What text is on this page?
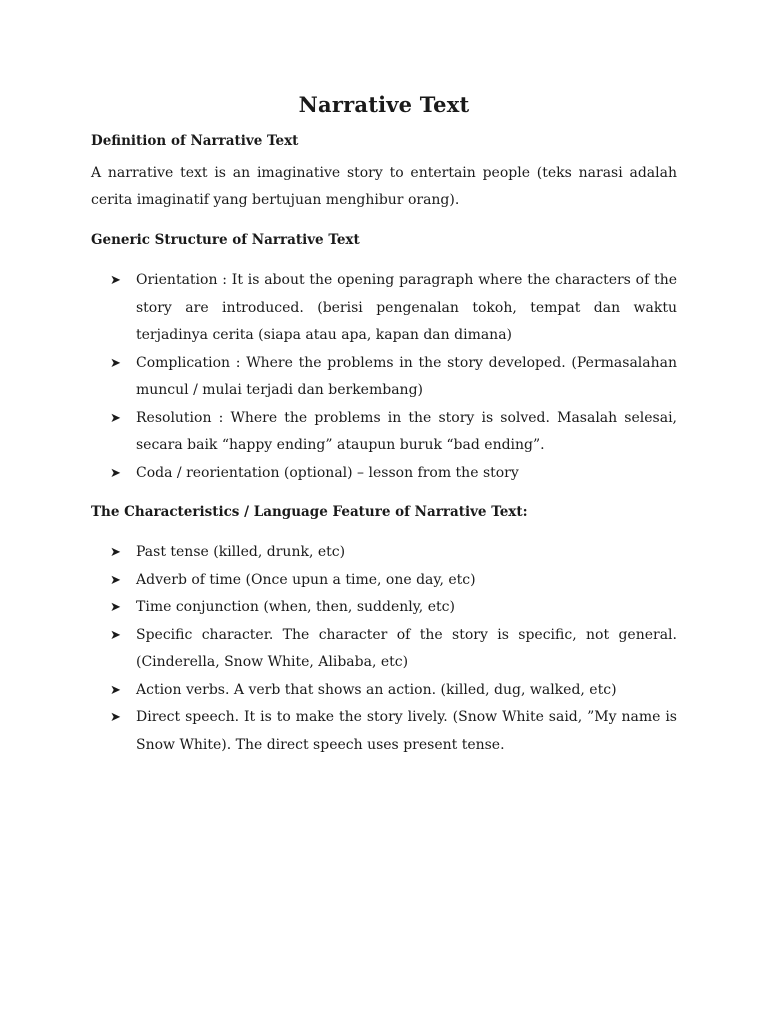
Narrative Text
Definition of Narrative Text

A narrative text is an imaginative story to entertain people (teks narasi adalah cerita imaginatif yang bertujuan menghibur orang).

Generic Structure of Narrative Text
➤ Orientation : It is about the opening paragraph where the characters of the story are introduced. (berisi pengenalan tokoh, tempat dan waktu terjadinya cerita (siapa atau apa, kapan dan dimana)
➤ Complication : Where the problems in the story developed. (Permasalahan muncul / mulai terjadi dan berkembang)
➤ Resolution : Where the problems in the story is solved. Masalah selesai, secara baik “happy ending” ataupun buruk “bad ending”.
➤ Coda / reorientation (optional) – lesson from the story
The Characteristics / Language Feature of Narrative Text:
➤ Past tense (killed, drunk, etc)
➤ Adverb of time (Once upun a time, one day, etc)
➤ Time conjunction (when, then, suddenly, etc)
➤ Specific character. The character of the story is specific, not general. (Cinderella, Snow White, Alibaba, etc)
➤ Action verbs. A verb that shows an action. (killed, dug, walked, etc)
➤ Direct speech. It is to make the story lively. (Snow White said, ”My name is Snow White). The direct speech uses present tense.
